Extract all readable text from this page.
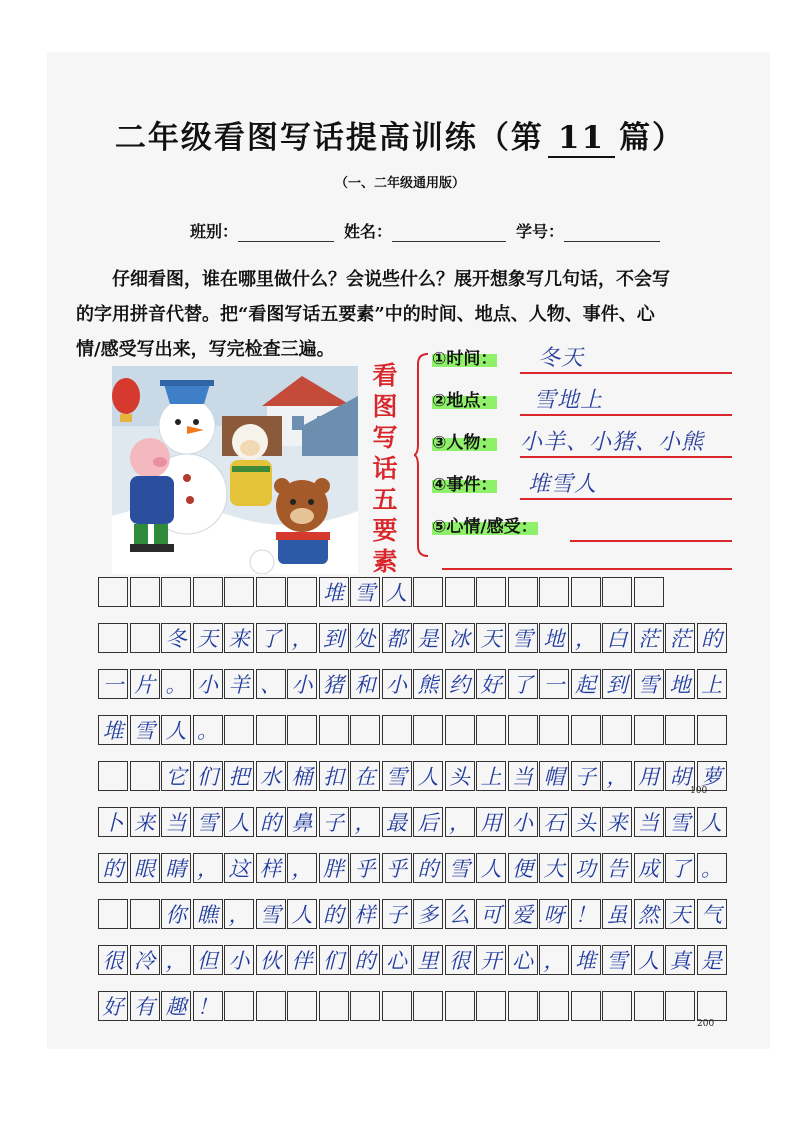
二年级看图写话提高训练（第 11 篇）
（一、二年级通用版）
班别：	姓名：	学号：

仔细看图，谁在哪里做什么？会说些什么？展开想象写几句话，不会写

的字用拼音代替。把“看图写话五要素”中的时间、地点、人物、事件、心

情/感受写出来，写完检查三遍。

看
图
写
话
五
要
素
①时间： 冬天
②地点： 雪地上
③人物： 小羊、小猪、小熊
④事件： 堆雪人
⑤心情/感受：
堆 雪 人
冬 天 来 了 ， 到 处 都 是 冰 天 雪 地 ， 白 茫 茫 的
一 片 。 小 羊 、 小 猪 和 小 熊 约 好 了 一 起 到 雪 地 上
堆 雪 人 。
它 们 把 水 桶 扣 在 雪 人 头 上 当 帽 子 ， 用 胡 萝
卜 来 当 雪 人 的 鼻 子 ， 最 后 ， 用 小 石 头 来 当 雪 人
的 眼 睛 ， 这 样 ， 胖 乎 乎 的 雪 人 便 大 功 告 成 了 。
你 瞧 ， 雪 人 的 样 子 多 么 可 爱 呀 ！ 虽 然 天 气
很 冷 ， 但 小 伙 伴 们 的 心 里 很 开 心 ， 堆 雪 人 真 是
好 有 趣 ！
100
200
